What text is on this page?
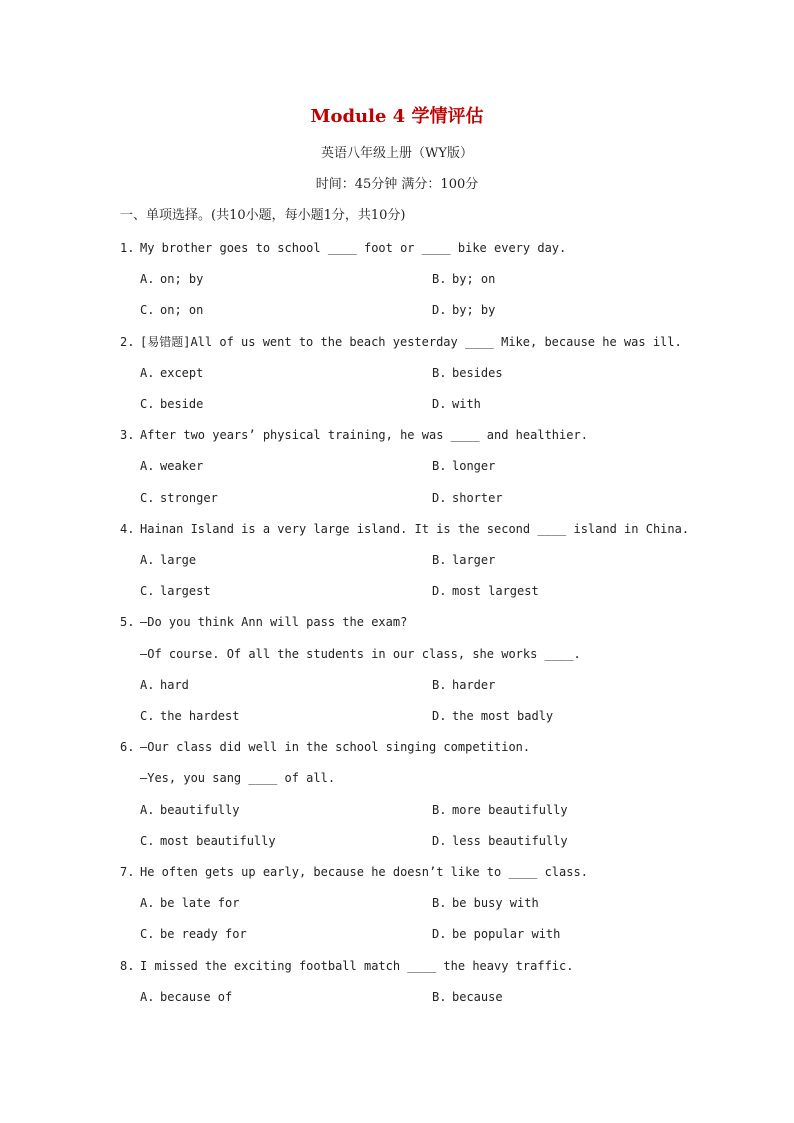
Module 4 学情评估
英语八年级上册（WY版）
时间：45分钟 满分：100分
一、单项选择。(共10小题，每小题1分，共10分)
1. My brother goes to school ____ foot or ____ bike every day.
A. on; by	B. by; on
C. on; on	D. by; by
2. [易错题]All of us went to the beach yesterday ____ Mike, because he was ill.
A. except	B. besides
C. beside	D. with
3. After two years’ physical training, he was ____ and healthier.
A. weaker	B. longer
C. stronger	D. shorter
4. Hainan Island is a very large island. It is the second ____ island in China.
A. large	B. larger
C. largest	D. most largest
5. —Do you think Ann will pass the exam?
—Of course. Of all the students in our class, she works ____.
A. hard	B. harder
C. the hardest	D. the most badly
6. —Our class did well in the school singing competition.
—Yes, you sang ____ of all.
A. beautifully	B. more beautifully
C. most beautifully	D. less beautifully
7. He often gets up early, because he doesn’t like to ____ class.
A. be late for	B. be busy with
C. be ready for	D. be popular with
8. I missed the exciting football match ____ the heavy traffic.
A. because of	B. because
